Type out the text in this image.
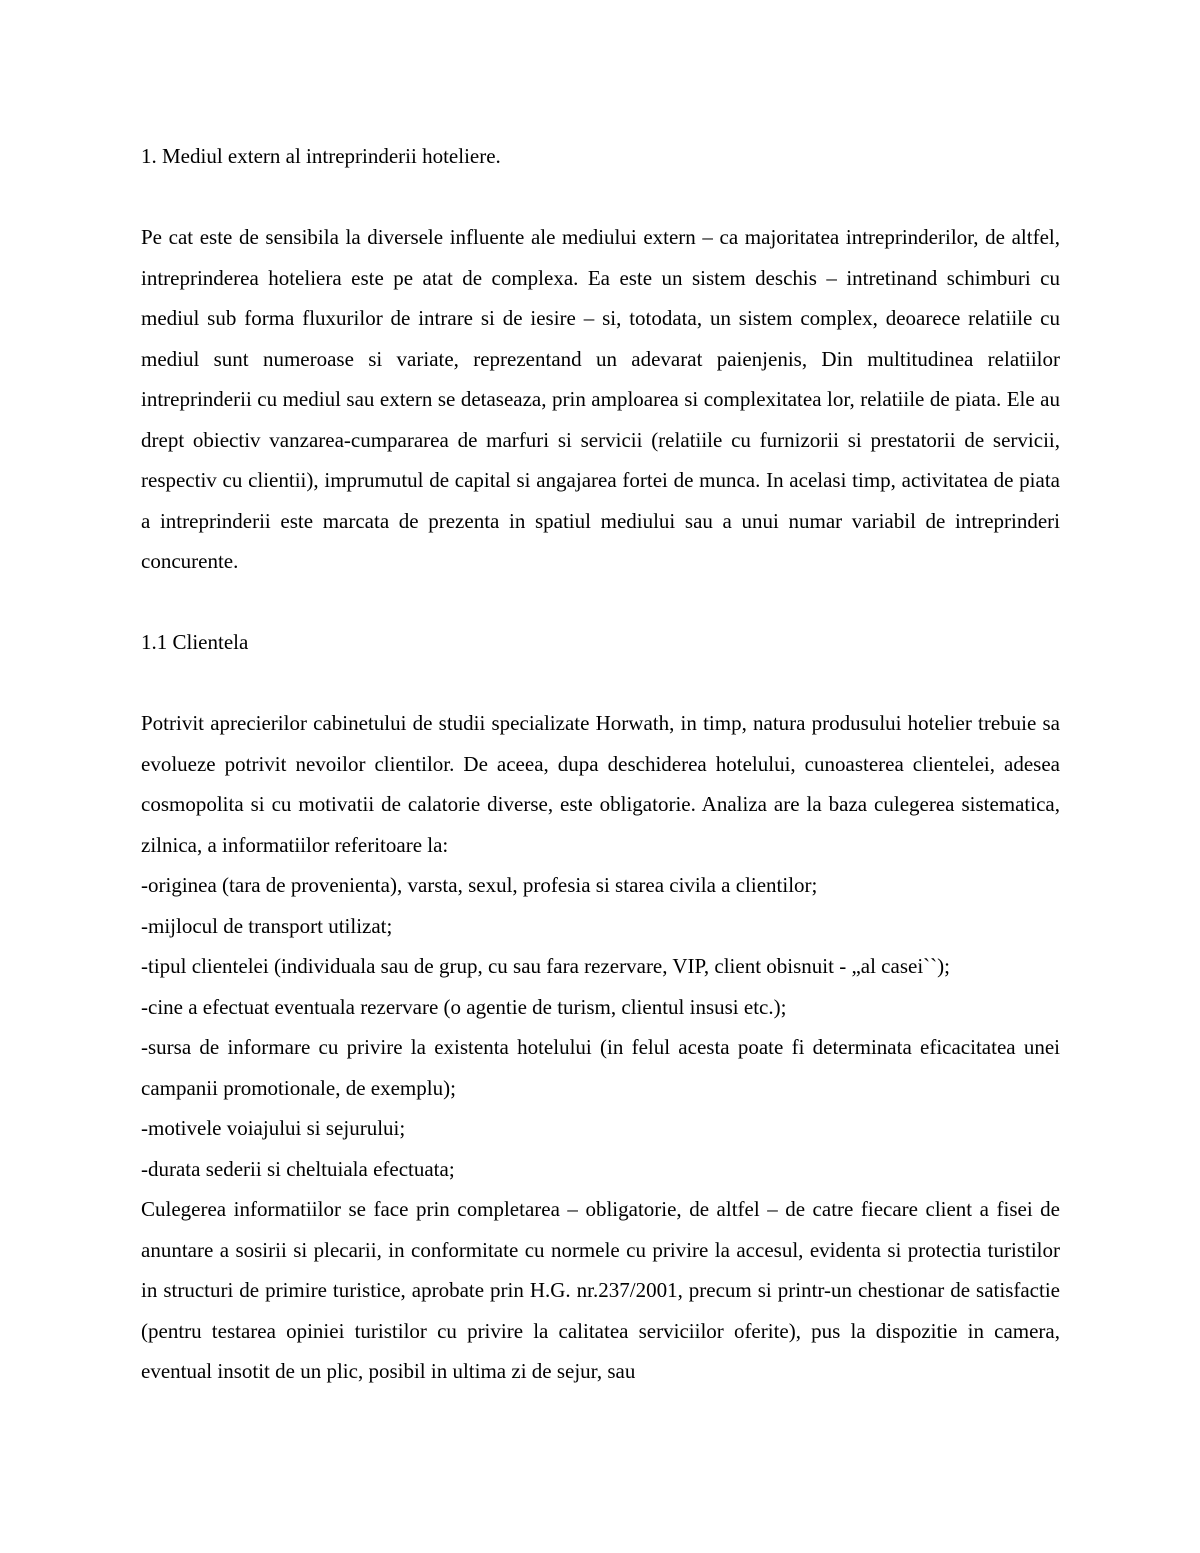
1. Mediul extern al intreprinderii hoteliere.

Pe cat este de sensibila la diversele influente ale mediului extern – ca majoritatea intreprinderilor, de altfel, intreprinderea hoteliera este pe atat de complexa. Ea este un sistem deschis – intretinand schimburi cu mediul sub forma fluxurilor de intrare si de iesire – si, totodata, un sistem complex, deoarece relatiile cu mediul sunt numeroase si variate, reprezentand un adevarat paienjenis, Din multitudinea relatiilor intreprinderii cu mediul sau extern se detaseaza, prin amploarea si complexitatea lor, relatiile de piata. Ele au drept obiectiv vanzarea-cumpararea de marfuri si servicii (relatiile cu furnizorii si prestatorii de servicii, respectiv cu clientii), imprumutul de capital si angajarea fortei de munca. In acelasi timp, activitatea de piata a intreprinderii este marcata de prezenta in spatiul mediului sau a unui numar variabil de intreprinderi concurente.

1.1 Clientela

Potrivit aprecierilor cabinetului de studii specializate Horwath, in timp, natura produsului hotelier trebuie sa evolueze potrivit nevoilor clientilor. De aceea, dupa deschiderea hotelului, cunoasterea clientelei, adesea cosmopolita si cu motivatii de calatorie diverse, este obligatorie. Analiza are la baza culegerea sistematica, zilnica, a informatiilor referitoare la:

-originea (tara de provenienta), varsta, sexul, profesia si starea civila a clientilor;

-mijlocul de transport utilizat;

-tipul clientelei (individuala sau de grup, cu sau fara rezervare, VIP, client obisnuit - „al casei``);

-cine a efectuat eventuala rezervare (o agentie de turism, clientul insusi etc.);

-sursa de informare cu privire la existenta hotelului (in felul acesta poate fi determinata eficacitatea unei campanii promotionale, de exemplu);

-motivele voiajului si sejurului;

-durata sederii si cheltuiala efectuata;

Culegerea informatiilor se face prin completarea – obligatorie, de altfel – de catre fiecare client a fisei de anuntare a sosirii si plecarii, in conformitate cu normele cu privire la accesul, evidenta si protectia turistilor in structuri de primire turistice, aprobate prin H.G. nr.237/2001, precum si printr-un chestionar de satisfactie (pentru testarea opiniei turistilor cu privire la calitatea serviciilor oferite), pus la dispozitie in camera, eventual insotit de un plic, posibil in ultima zi de sejur, sau
